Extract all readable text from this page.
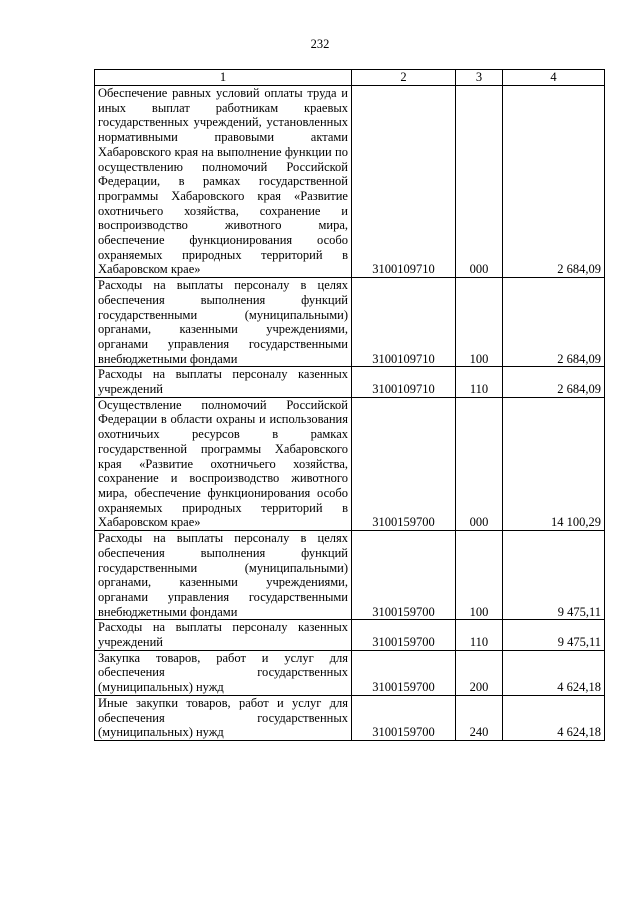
232
1	2	3	4
Обеспечение равных условий оплаты труда и иных выплат работникам краевых государственных учреждений, установленных нормативными правовыми актами Хабаровского края на выполнение функции по осуществлению полномочий Российской Федерации, в рамках государственной программы Хабаровского края «Развитие охотничьего хозяйства, сохранение и воспроизводство животного мира, обеспечение функционирования особо охраняемых природных территорий в Хабаровском крае»	3100109710	000	2 684,09
Расходы на выплаты персоналу в целях обеспечения выполнения функций государственными (муниципальными) органами, казенными учреждениями, органами управления государственными внебюджетными фондами	3100109710	100	2 684,09
Расходы на выплаты персоналу казенных учреждений	3100109710	110	2 684,09
Осуществление полномочий Российской Федерации в области охраны и использования охотничьих ресурсов в рамках государственной программы Хабаровского края «Развитие охотничьего хозяйства, сохранение и воспроизводство животного мира, обеспечение функционирования особо охраняемых природных территорий в Хабаровском крае»	3100159700	000	14 100,29
Расходы на выплаты персоналу в целях обеспечения выполнения функций государственными (муниципальными) органами, казенными учреждениями, органами управления государственными внебюджетными фондами	3100159700	100	9 475,11
Расходы на выплаты персоналу казенных учреждений	3100159700	110	9 475,11
Закупка товаров, работ и услуг для обеспечения государственных (муниципальных) нужд	3100159700	200	4 624,18
Иные закупки товаров, работ и услуг для обеспечения государственных (муниципальных) нужд	3100159700	240	4 624,18
